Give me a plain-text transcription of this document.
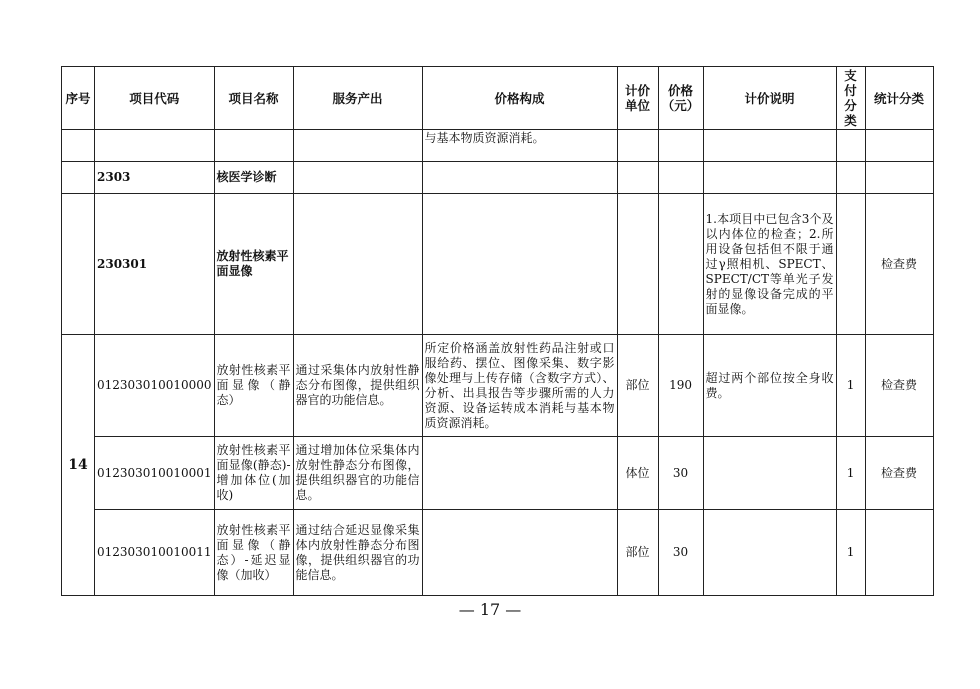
序号	项目代码	项目名称	服务产出	价格构成	计价单位	价格（元）	计价说明	支付分类	统计分类
				与基本物质资源消耗。					
	2303	核医学诊断							
	230301	放射性核素平面显像					1.本项目中已包含3个及以内体位的检查；2.所用设备包括但不限于通过γ照相机、SPECT、SPECT/CT等单光子发射的显像设备完成的平面显像。		检查费
14	012303010010000	放射性核素平面显像（静态）	通过采集体内放射性静态分布图像，提供组织器官的功能信息。	所定价格涵盖放射性药品注射或口服给药、摆位、图像采集、数字影像处理与上传存储（含数字方式）、分析、出具报告等步骤所需的人力资源、设备运转成本消耗与基本物质资源消耗。	部位	190	超过两个部位按全身收费。	1	检查费
	012303010010001	放射性核素平面显像(静态)-增加体位(加收)	通过增加体位采集体内放射性静态分布图像，提供组织器官的功能信息。		体位	30		1	检查费
	012303010010011	放射性核素平面显像（静态）-延迟显像（加收）	通过结合延迟显像采集体内放射性静态分布图像，提供组织器官的功能信息。		部位	30		1	
— 17 —
